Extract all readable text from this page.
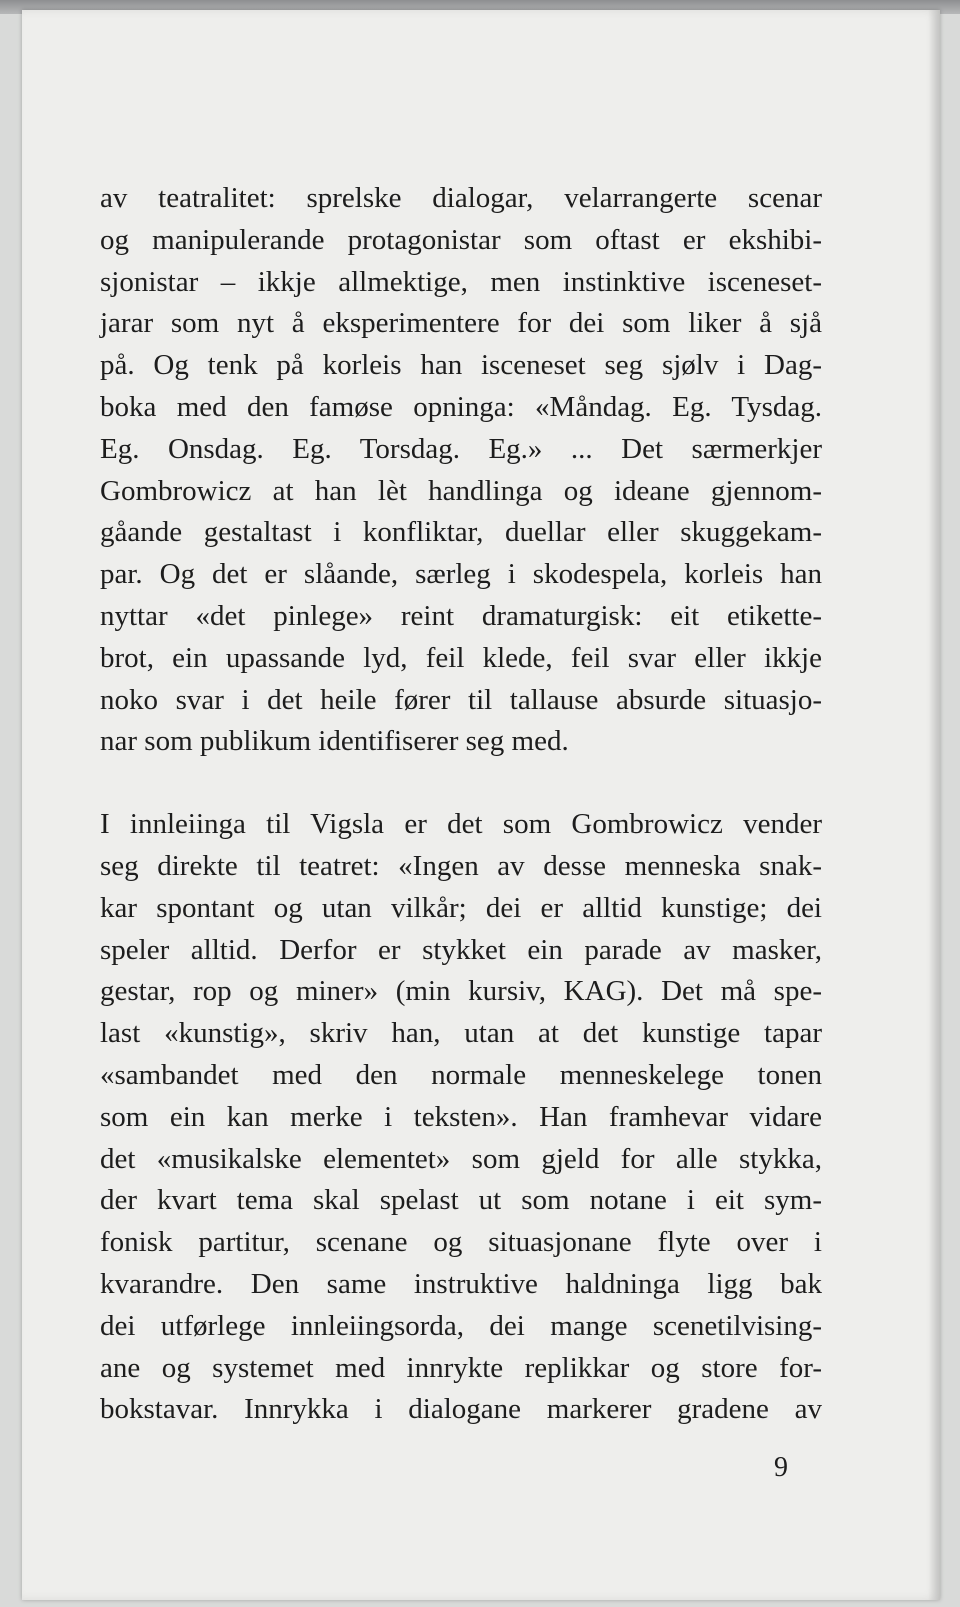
av teatralitet: sprelske dialogar, velarrangerte scenar
og manipulerande protagonistar som oftast er ekshibi-
sjonistar – ikkje allmektige, men instinktive isceneset-
jarar som nyt å eksperimentere for dei som liker å sjå
på. Og tenk på korleis han isceneset seg sjølv i Dag-
boka med den famøse opninga: «Måndag. Eg. Tysdag.
Eg. Onsdag. Eg. Torsdag. Eg.» ... Det særmerkjer
Gombrowicz at han lèt handlinga og ideane gjennom-
gåande gestaltast i konfliktar, duellar eller skuggekam-
par. Og det er slåande, særleg i skodespela, korleis han
nyttar «det pinlege» reint dramaturgisk: eit etikette-
brot, ein upassande lyd, feil klede, feil svar eller ikkje
noko svar i det heile fører til tallause absurde situasjo-
nar som publikum identifiserer seg med.
I innleiinga til Vigsla er det som Gombrowicz vender
seg direkte til teatret: «Ingen av desse menneska snak-
kar spontant og utan vilkår; dei er alltid kunstige; dei
speler alltid. Derfor er stykket ein parade av masker,
gestar, rop og miner» (min kursiv, KAG). Det må spe-
last «kunstig», skriv han, utan at det kunstige tapar
«sambandet med den normale menneskelege tonen
som ein kan merke i teksten». Han framhevar vidare
det «musikalske elementet» som gjeld for alle stykka,
der kvart tema skal spelast ut som notane i eit sym-
fonisk partitur, scenane og situasjonane flyte over i
kvarandre. Den same instruktive haldninga ligg bak
dei utførlege innleiingsorda, dei mange scenetilvising-
ane og systemet med innrykte replikkar og store for-
bokstavar. Innrykka i dialogane markerer gradene av
9
